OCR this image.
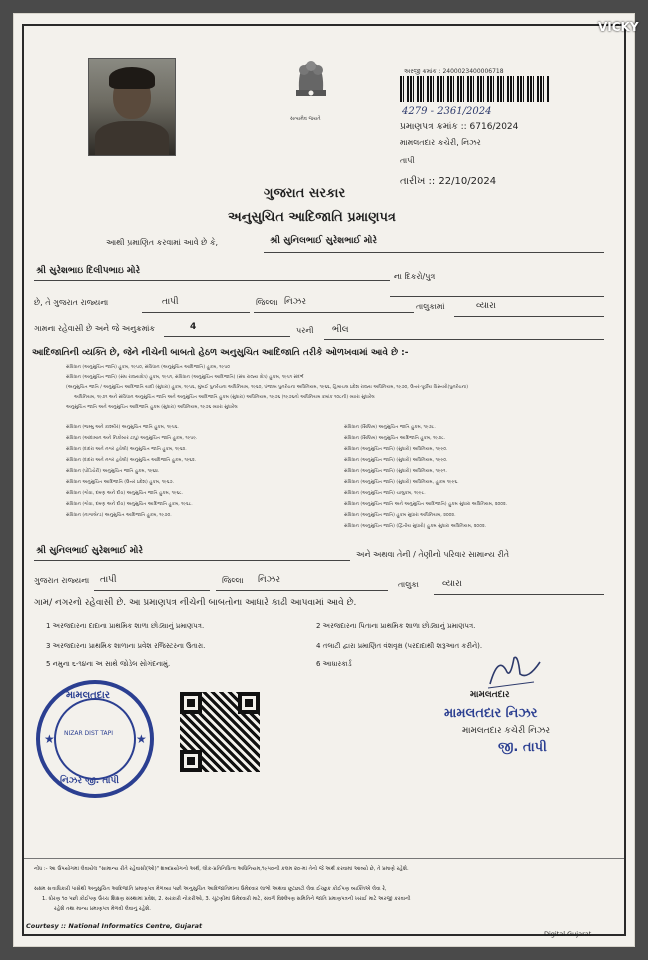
VICKY
સત્યમેવ જયતે
અરજી ક્રમાંક : 2400023400006718
4279 - 2361/2024
પ્રમાણપત્ર ક્રમાંક :: 6716/2024
મામલતદાર કચેરી, નિઝર
તાપી
તારીખ :: 22/10/2024
ગુજરાત સરકાર
અનુસુચિત આદિજાતિ પ્રમાણપત્ર
આથી પ્રમાણિત કરવામાં આવે છે કે,	શ્રી સુનિલભાઈ સુરેશભાઈ મોરે
શ્રી સુરેશભાઇ દિલીપભાઇ મોરે
ના દિકરો/પુત્ર
છે, તે ગુજરાત રાજ્યના	તાપી	જિલ્લા નિઝર	તાલુકામાં	વ્યારા
ગામના રહેવાસી છે અને જે અનુક્રમાંક	4	પરની ભીલ
આદિજાતિની વ્યક્તિ છે, જેને નીચેની બાબતો હેઠળ અનુસુચિત આદિજાતિ તરીકે ઓળખવામાં આવે છે :-
સંવિધાન (અનુસુચિત જાતિ) હુકમ, ૧૯૫૦, સંવિધાન (અનુસુચિત આદિજાતિ) હુકમ, ૧૯૫૦
સંવિધાન (અનુસુચિત જાતિ) (સંઘ રાજ્યક્ષેત્ર) હુકમ, ૧૯૫૧, સંવિધાન (અનુસુચિત આદિજાતિ) (સંઘ રાજ્ય ક્ષેત્ર) હુકમ, ૧૯૫૧ સંદર્ભ
(અનુસુચિત જાતિ / અનુસુચિત આદિજાતિ યાદી (સુધારા) હુકમ, ૧૯૫૬, મુંબઈ પુનર્રચના અધિનિયમ, ૧૯૬૦, પંજાબ પુનર્રચના અધિનિયમ, ૧૯૬૬, હિમાચલ પ્રદેશ રાજ્ય અધિનિયમ, ૧૯૭૦, ઉત્તર-પૂર્વીય વિસ્તારો(પુનર્રચના)
અધિનિયમ, ૧૯૭૧ અને સંવિધાન અનુસુચિત જાતિ અને અનુસુચિત આદિજાતિ હુકમ (સુધારા) અધિનિયમ, ૧૯૭૬ (૧૯૭૬નો અધિનિયમ ક્રમાંક ૧૦૮ની) વ્યારા સુધારેલ
અનુસુચિત જાતિ અને અનુસુચિત આદિજાતિ હુકમ (સુધારા) અધિનિયમ, ૧૯૭૬ વ્યારા સુધારેલ
સંવિધાન (જમ્મુ અને કાશ્મીર) અનુસુચિત જાતિ હુકમ, ૧૯૫૬.
સંવિધાન (આંદામાન અને નિકોબાર ટાપુ) અનુસુચિત જાતિ હુકમ, ૧૯૫૯.
સંવિધાન (દાદરા અને નગર હવેલી) અનુસુચિત જાતિ હુકમ, ૧૯૬૨.
સંવિધાન (દાદરા અને નગર હવેલી) અનુસુચિત આદિજાતિ હુકમ, ૧૯૬૨.
સંવિધાન (પોંડિચેરી) અનુસુચિત જાતિ હુકમ, ૧૯૬૪.
સંવિધાન અનુસુચિત આદિજાતિ (ઉત્તર પ્રદેશ) હુકમ, ૧૯૬૭.
સંવિધાન (ગોવા, દમણ અને દીવ) અનુસુચિત જાતિ હુકમ, ૧૯૬૮.
સંવિધાન (ગોવા, દમણ અને દીવ) અનુસુચિત આદિજાતિ હુકમ, ૧૯૬૮.
સંવિધાન (નાગાલેન્ડ) અનુસુચિત આદિજાતિ હુકમ, ૧૯૭૦.
સંવિધાન (સિક્કિમ) અનુસુચિત જાતિ હુકમ, ૧૯૭૮.
સંવિધાન (સિક્કિમ) અનુસુચિત આદિજાતિ હુકમ, ૧૯૭૮.
સંવિધાન (અનુસુચિત જાતિ) (સુધારો) અધિનિયમ, ૧૯૯૦.
સંવિધાન (અનુસુચિત જાતિ) (સુધારો) અધિનિયમ, ૧૯૯૦.
સંવિધાન (અનુસુચિત જાતિ) (સુધારો) અધિનિયમ, ૧૯૯૧.
સંવિધાન (અનુસુચિત જાતિ) (સુધારો) અધિનિયમ, હુકમ ૧૯૯૬.
સંવિધાન (અનુસુચિત જાતિ) ચાલુકમ, ૧૯૯૮.
સંવિધાન (અનુસુચિત જાતિ અને અનુસુચિત આદિજાતિ) હુકમ સુધારા અધિનિયમ, ૨૦૦૨.
સંવિધાન (અનુસુચિત જાતિ) હુકમ સુધારા અધિનિયમ, ૨૦૦૨.
સંવિધાન (અનુસુચિત જાતિ) (દ્વિતીય સુધારો) હુકમ સુધારા અધિનિયમ, ૨૦૦૨.
શ્રી સુનિલભાઈ સુરેશભાઈ મોરે	અને અથવા તેની / તેણીનો પરિવાર સામાન્ય રીતે
ગુજરાત રાજ્યના તાપી	જિલ્લા નિઝર	તાલુકા	વ્યારા
ગામ/ નગરનો રહેવાસી છે. આ પ્રમાણપત્ર નીચેની બાબતોના આધારે કાઢી આપવામાં આવે છે.
1 અરજદારના દાદાના પ્રાથમિક શાળા છોડ્યાનું પ્રમાણપત્ર.	2 અરજદારના પિતાના પ્રાથમિક શાળા છોડ્યાનું પ્રમાણપત્ર.
3 અરજદારના પ્રાથમિક શાળાના પ્રવેશ રજિસ્ટરના ઉતારા.	4 તલાટી દ્વારા પ્રમાણિત વંશવૃક્ષ (પરદાદાથી શરૂઆત કરીને).
5 નમુના ૬-૧૪ના અ સાથે જોડેલ સોગંદનામું.	6 આધારકાર્ડ
મામલતદાર
NIZAR DIST TAPI
નિઝર જી. તાપી
★	★
મામલતદાર
મામલતદાર નિઝર
મામલતદાર કચેરી નિઝર
જી. તાપી
નોંધ :- આ ઉપયોગમાં લેવાયેલ "સામાન્ય રીતે રહેવાસી(ઓ)" શબ્દપ્રયોગનો અર્થ, લોક-પ્રતિનિધિત્વ અધિનિયમ,૧૯૫૦ની કલમ ૨૦-માં તેનો જે અર્થ કરવામાં આવ્યો છે, તે પ્રમાણે રહેશે.
સક્ષમ સત્તાધિકારી પાસેથી અનુસુચિત આદિજાતિ પ્રમાણપત્ર મેળવ્યા પછી અનુસુચિત આદિજાતિમાંના ઉમેદવાર લાભો અથવા છૂટછાટો લેવા ઈચ્છુક કોઈપણ વ્યક્તિએ લેવા રે,
1. ધોરણ ૧૦ પછી કોઈપણ ઉચ્ચ શિક્ષણ સંસ્થામાં પ્રવેશ, 2. સરકારી નોકરીઓ, 3. ચૂંટણીમાં ઉમેદવારી માટે, સંવર્ગ વિશ્લેષણ સમિતિને જાતિ પ્રમાણપત્રની ખરાઈ માટે અરજી કરવાની
રહેશે તથા માન્ય પ્રમાણપત્ર મેળવી લેવાનું રહેશે.
Courtesy :: National Informatics Centre, Gujarat
Digital Gujarat
